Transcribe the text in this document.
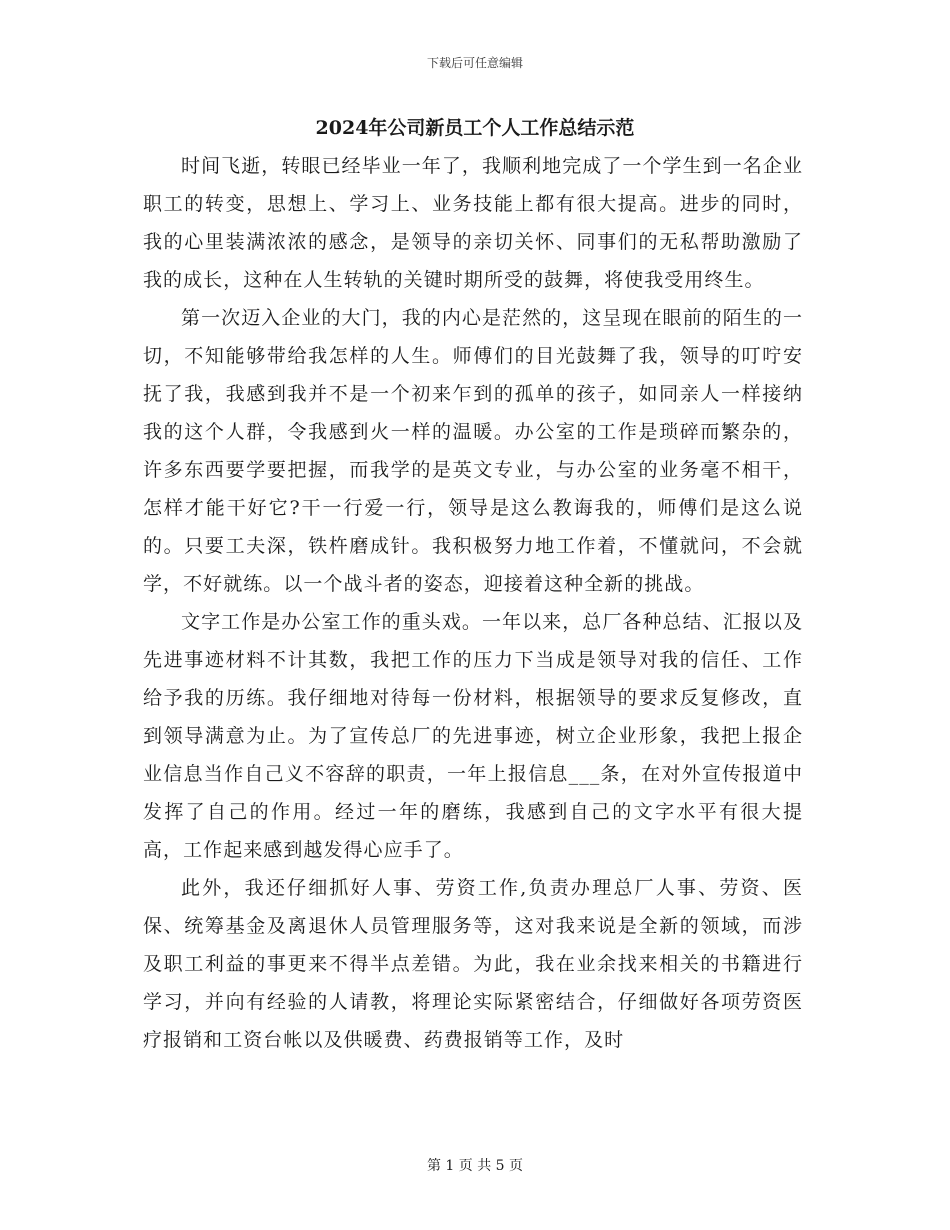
下载后可任意编辑
2024年公司新员工个人工作总结示范

时间飞逝，转眼已经毕业一年了，我顺利地完成了一个学生到一名企业职工的转变，思想上、学习上、业务技能上都有很大提高。进步的同时，我的心里装满浓浓的感念，是领导的亲切关怀、同事们的无私帮助激励了我的成长，这种在人生转轨的关键时期所受的鼓舞，将使我受用终生。

第一次迈入企业的大门，我的内心是茫然的，这呈现在眼前的陌生的一切，不知能够带给我怎样的人生。师傅们的目光鼓舞了我，领导的叮咛安抚了我，我感到我并不是一个初来乍到的孤单的孩子，如同亲人一样接纳我的这个人群，令我感到火一样的温暖。办公室的工作是琐碎而繁杂的，许多东西要学要把握，而我学的是英文专业，与办公室的业务毫不相干，怎样才能干好它?干一行爱一行，领导是这么教诲我的，师傅们是这么说的。只要工夫深，铁杵磨成针。我积极努力地工作着，不懂就问，不会就学，不好就练。以一个战斗者的姿态，迎接着这种全新的挑战。

文字工作是办公室工作的重头戏。一年以来，总厂各种总结、汇报以及先进事迹材料不计其数，我把工作的压力下当成是领导对我的信任、工作给予我的历练。我仔细地对待每一份材料，根据领导的要求反复修改，直到领导满意为止。为了宣传总厂的先进事迹，树立企业形象，我把上报企业信息当作自己义不容辞的职责，一年上报信息___条，在对外宣传报道中发挥了自己的作用。经过一年的磨练，我感到自己的文字水平有很大提高，工作起来感到越发得心应手了。

此外，我还仔细抓好人事、劳资工作,负责办理总厂人事、劳资、医保、统筹基金及离退休人员管理服务等，这对我来说是全新的领域，而涉及职工利益的事更来不得半点差错。为此，我在业余找来相关的书籍进行学习，并向有经验的人请教，将理论实际紧密结合，仔细做好各项劳资医疗报销和工资台帐以及供暖费、药费报销等工作，及时

第 1 页 共 5 页
